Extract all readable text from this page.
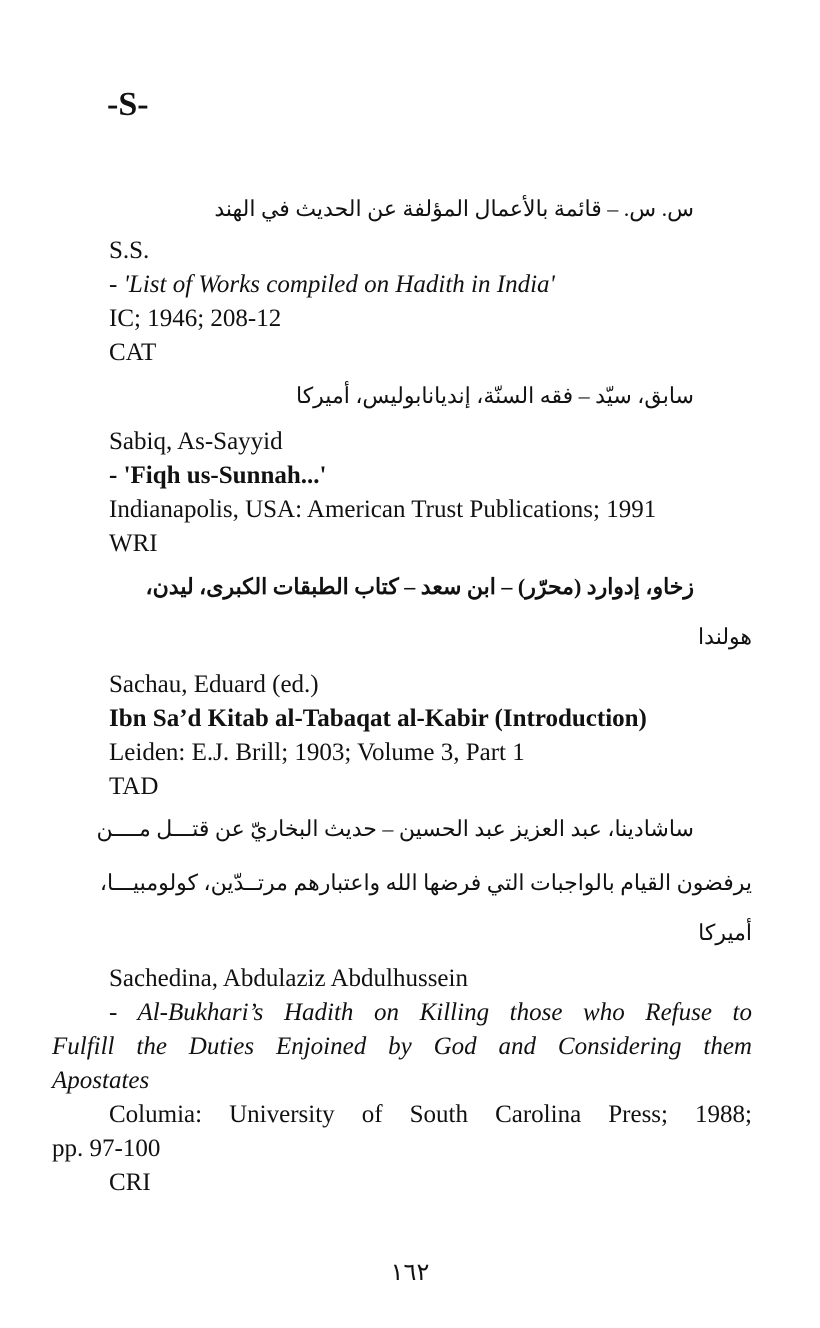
-S-
س. س. – قائمة بالأعمال المؤلفة عن الحديث في الهند
S.S.
- 'List of Works compiled on Hadith in India'
IC; 1946; 208-12
CAT
سابق، سيّد – فقه السنّة، إنديانابوليس، أميركا
Sabiq, As-Sayyid
- 'Fiqh us-Sunnah...'
Indianapolis, USA: American Trust Publications; 1991
WRI
زخاو، إدوارد (محرّر) – ابن سعد – كتاب الطبقات الكبرى، ليدن،
هولندا
Sachau, Eduard (ed.)
Ibn Sa’d Kitab al-Tabaqat al-Kabir (Introduction)
Leiden: E.J. Brill; 1903; Volume 3, Part 1
TAD
ساشادينا، عبد العزيز عبد الحسين – حديث البخاريّ عن قتـــل مــــن
يرفضون القيام بالواجبات التي فرضها الله واعتبارهم مرتــدّين، كولومبيـــا،
أميركا
Sachedina, Abdulaziz Abdulhussein
- Al-Bukhari’s Hadith on Killing those who Refuse to
Fulfill the Duties Enjoined by God and Considering them
Apostates
Columia: University of South Carolina Press; 1988;
pp. 97-100
CRI
١٦٢
